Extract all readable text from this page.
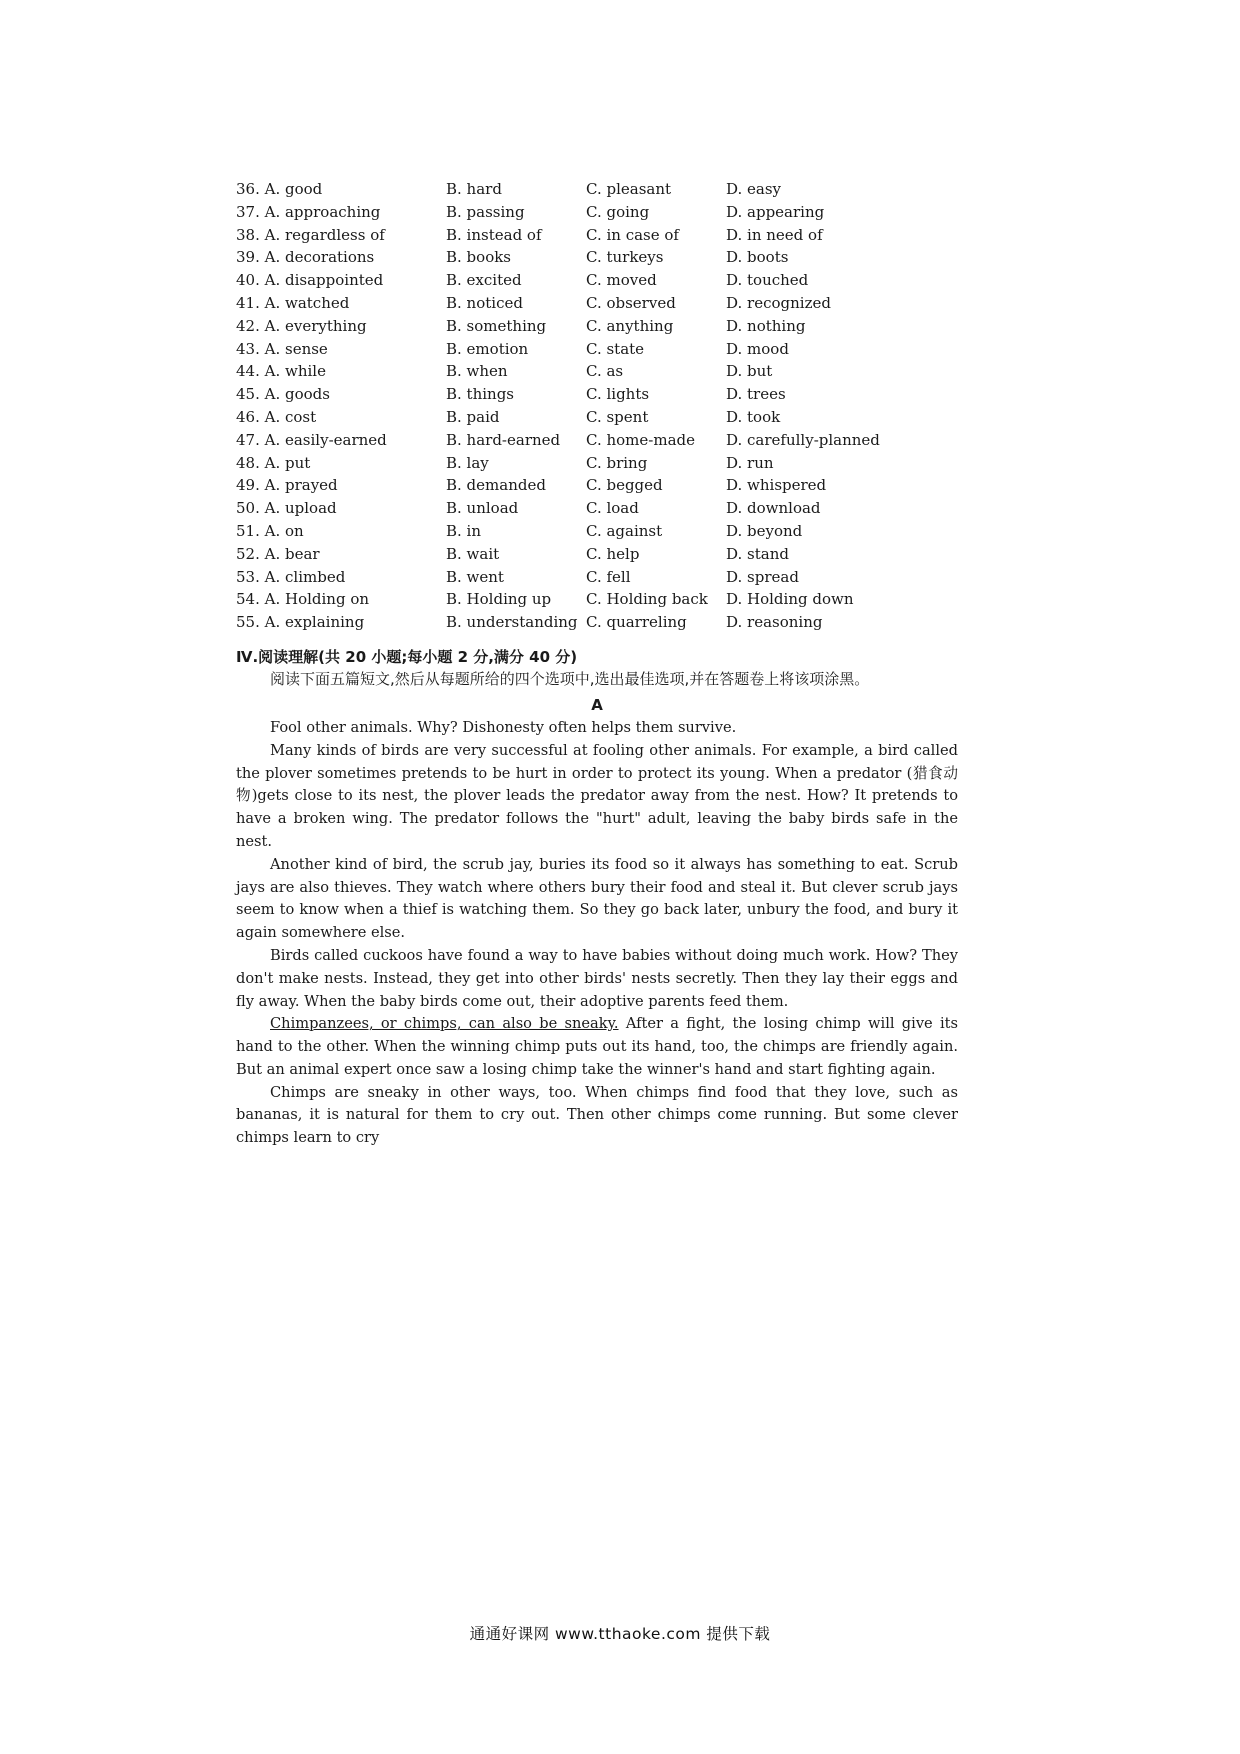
36. A. good	B. hard	C. pleasant	D. easy
37. A. approaching	B. passing	C. going	D. appearing
38. A. regardless of	B. instead of	C. in case of	D. in need of
39. A. decorations	B. books	C. turkeys	D. boots
40. A. disappointed	B. excited	C. moved	D. touched
41. A. watched	B. noticed	C. observed	D. recognized
42. A. everything	B. something	C. anything	D. nothing
43. A. sense	B. emotion	C. state	D. mood
44. A. while	B. when	C. as	D. but
45. A. goods	B. things	C. lights	D. trees
46. A. cost	B. paid	C. spent	D. took
47. A. easily-earned	B. hard-earned C. home-made D. carefully-planned
48. A. put	B. lay	C. bring	D. run
49. A. prayed	B. demanded	C. begged	D. whispered
50. A. upload	B. unload	C. load	D. download
51. A. on	B. in	C. against	D. beyond
52. A. bear	B. wait	C. help	D. stand
53. A. climbed	B. went	C. fell	D. spread
54. A. Holding on	B. Holding up C. Holding back D. Holding down
55. A. explaining	B. understanding C. quarreling	D. reasoning
Ⅳ.阅读理解(共 20 小题;每小题 2 分,满分 40 分)

阅读下面五篇短文,然后从每题所给的四个选项中,选出最佳选项,并在答题卷上将该项涂黑。

A

Fool other animals. Why? Dishonesty often helps them survive.

Many kinds of birds are very successful at fooling other animals. For example, a bird called the plover sometimes pretends to be hurt in order to protect its young. When a predator (猎食动物)gets close to its nest, the plover leads the predator away from the nest. How? It pretends to have a broken wing. The predator follows the "hurt" adult, leaving the baby birds safe in the nest.

Another kind of bird, the scrub jay, buries its food so it always has something to eat. Scrub jays are also thieves. They watch where others bury their food and steal it. But clever scrub jays seem to know when a thief is watching them. So they go back later, unbury the food, and bury it again somewhere else.

Birds called cuckoos have found a way to have babies without doing much work. How? They don't make nests. Instead, they get into other birds' nests secretly. Then they lay their eggs and fly away. When the baby birds come out, their adoptive parents feed them.

Chimpanzees, or chimps, can also be sneaky. After a fight, the losing chimp will give its hand to the other. When the winning chimp puts out its hand, too, the chimps are friendly again. But an animal expert once saw a losing chimp take the winner's hand and start fighting again.

Chimps are sneaky in other ways, too. When chimps find food that they love, such as bananas, it is natural for them to cry out. Then other chimps come running. But some clever chimps learn to cry

通通好课网 www.tthaoke.com 提供下载
